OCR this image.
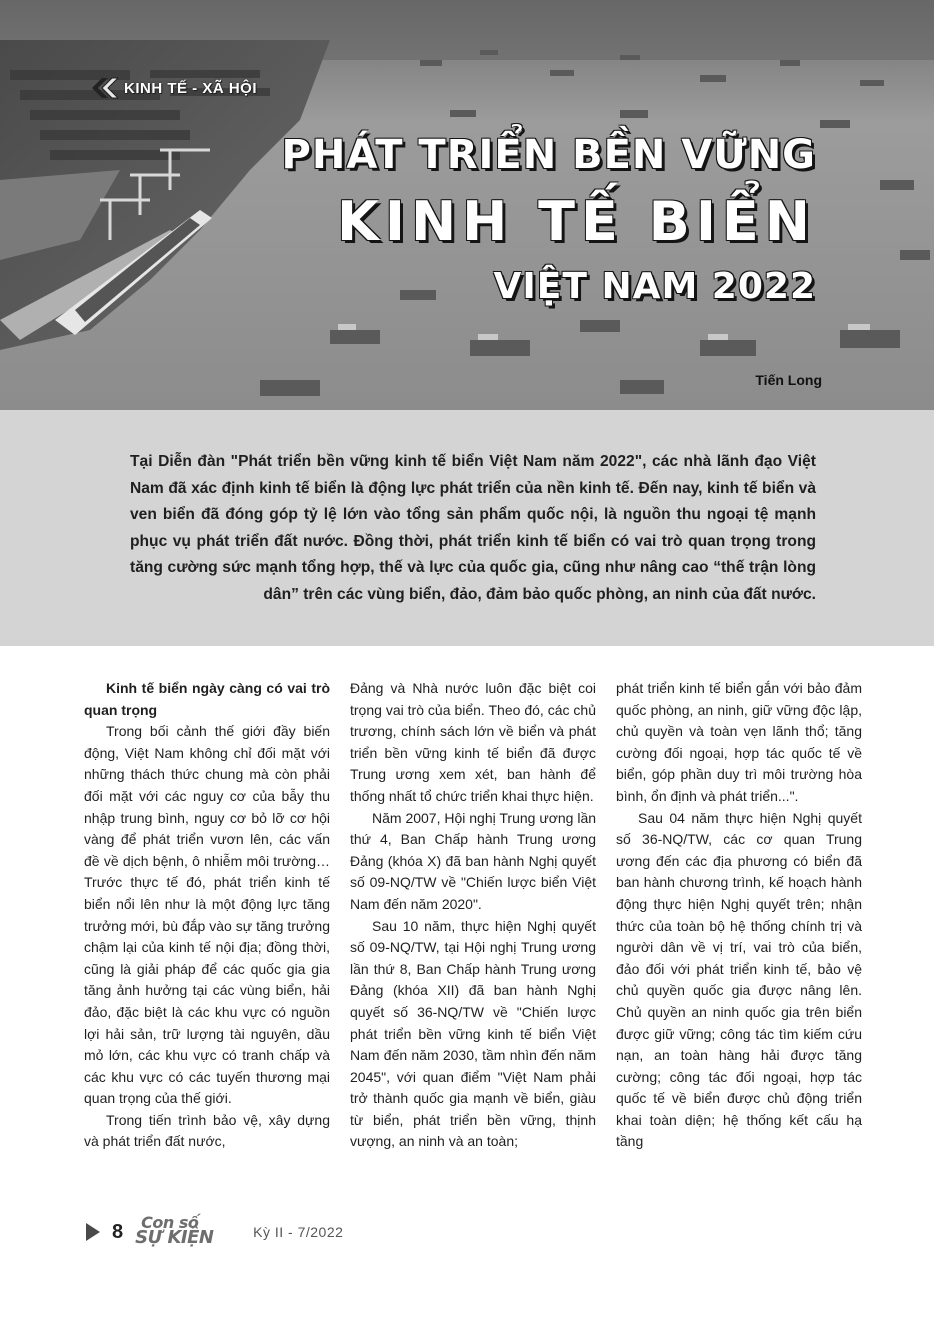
KINH TẾ - XÃ HỘI
PHÁT TRIỂN BỀN VỮNG
KINH TẾ BIỂN
VIỆT NAM 2022
Tiến Long
Tại Diễn đàn "Phát triển bền vững kinh tế biển Việt Nam năm 2022", các nhà lãnh đạo Việt Nam đã xác định kinh tế biển là động lực phát triển của nền kinh tế. Đến nay, kinh tế biển và ven biển đã đóng góp tỷ lệ lớn vào tổng sản phẩm quốc nội, là nguồn thu ngoại tệ mạnh phục vụ phát triển đất nước. Đồng thời, phát triển kinh tế biển có vai trò quan trọng trong tăng cường sức mạnh tổng hợp, thế và lực của quốc gia, cũng như nâng cao “thế trận lòng dân” trên các vùng biển, đảo, đảm bảo quốc phòng, an ninh của đất nước.

Kinh tế biển ngày càng có vai trò quan trọng

Trong bối cảnh thế giới đầy biến động, Việt Nam không chỉ đối mặt với những thách thức chung mà còn phải đối mặt với các nguy cơ của bẫy thu nhập trung bình, nguy cơ bỏ lỡ cơ hội vàng để phát triển vươn lên, các vấn đề về dịch bệnh, ô nhiễm môi trường… Trước thực tế đó, phát triển kinh tế biển nổi lên như là một động lực tăng trưởng mới, bù đắp vào sự tăng trưởng chậm lại của kinh tế nội địa; đồng thời, cũng là giải pháp để các quốc gia gia tăng ảnh hưởng tại các vùng biển, hải đảo, đặc biệt là các khu vực có nguồn lợi hải sản, trữ lượng tài nguyên, dầu mỏ lớn, các khu vực có tranh chấp và các khu vực có các tuyến thương mại quan trọng của thế giới.

Trong tiến trình bảo vệ, xây dựng và phát triển đất nước,

Đảng và Nhà nước luôn đặc biệt coi trọng vai trò của biển. Theo đó, các chủ trương, chính sách lớn về biển và phát triển bền vững kinh tế biển đã được Trung ương xem xét, ban hành để thống nhất tổ chức triển khai thực hiện.

Năm 2007, Hội nghị Trung ương lần thứ 4, Ban Chấp hành Trung ương Đảng (khóa X) đã ban hành Nghị quyết số 09-NQ/TW về "Chiến lược biển Việt Nam đến năm 2020".

Sau 10 năm, thực hiện Nghị quyết số 09-NQ/TW, tại Hội nghị Trung ương lần thứ 8, Ban Chấp hành Trung ương Đảng (khóa XII) đã ban hành Nghị quyết số 36-NQ/TW về "Chiến lược phát triển bền vững kinh tế biển Việt Nam đến năm 2030, tầm nhìn đến năm 2045", với quan điểm "Việt Nam phải trở thành quốc gia mạnh về biển, giàu từ biển, phát triển bền vững, thịnh vượng, an ninh và an toàn;

phát triển kinh tế biển gắn với bảo đảm quốc phòng, an ninh, giữ vững độc lập, chủ quyền và toàn vẹn lãnh thổ; tăng cường đối ngoại, hợp tác quốc tế về biển, góp phần duy trì môi trường hòa bình, ổn định và phát triển...".

Sau 04 năm thực hiện Nghị quyết số 36-NQ/TW, các cơ quan Trung ương đến các địa phương có biển đã ban hành chương trình, kế hoạch hành động thực hiện Nghị quyết trên; nhận thức của toàn bộ hệ thống chính trị và người dân về vị trí, vai trò của biển, đảo đối với phát triển kinh tế, bảo vệ chủ quyền quốc gia được nâng lên. Chủ quyền an ninh quốc gia trên biển được giữ vững; công tác tìm kiếm cứu nạn, an toàn hàng hải được tăng cường; công tác đối ngoại, hợp tác quốc tế về biển được chủ động triển khai toàn diện; hệ thống kết cấu hạ tầng

8 Con số
SỰ KIỆN	Kỳ II - 7/2022
